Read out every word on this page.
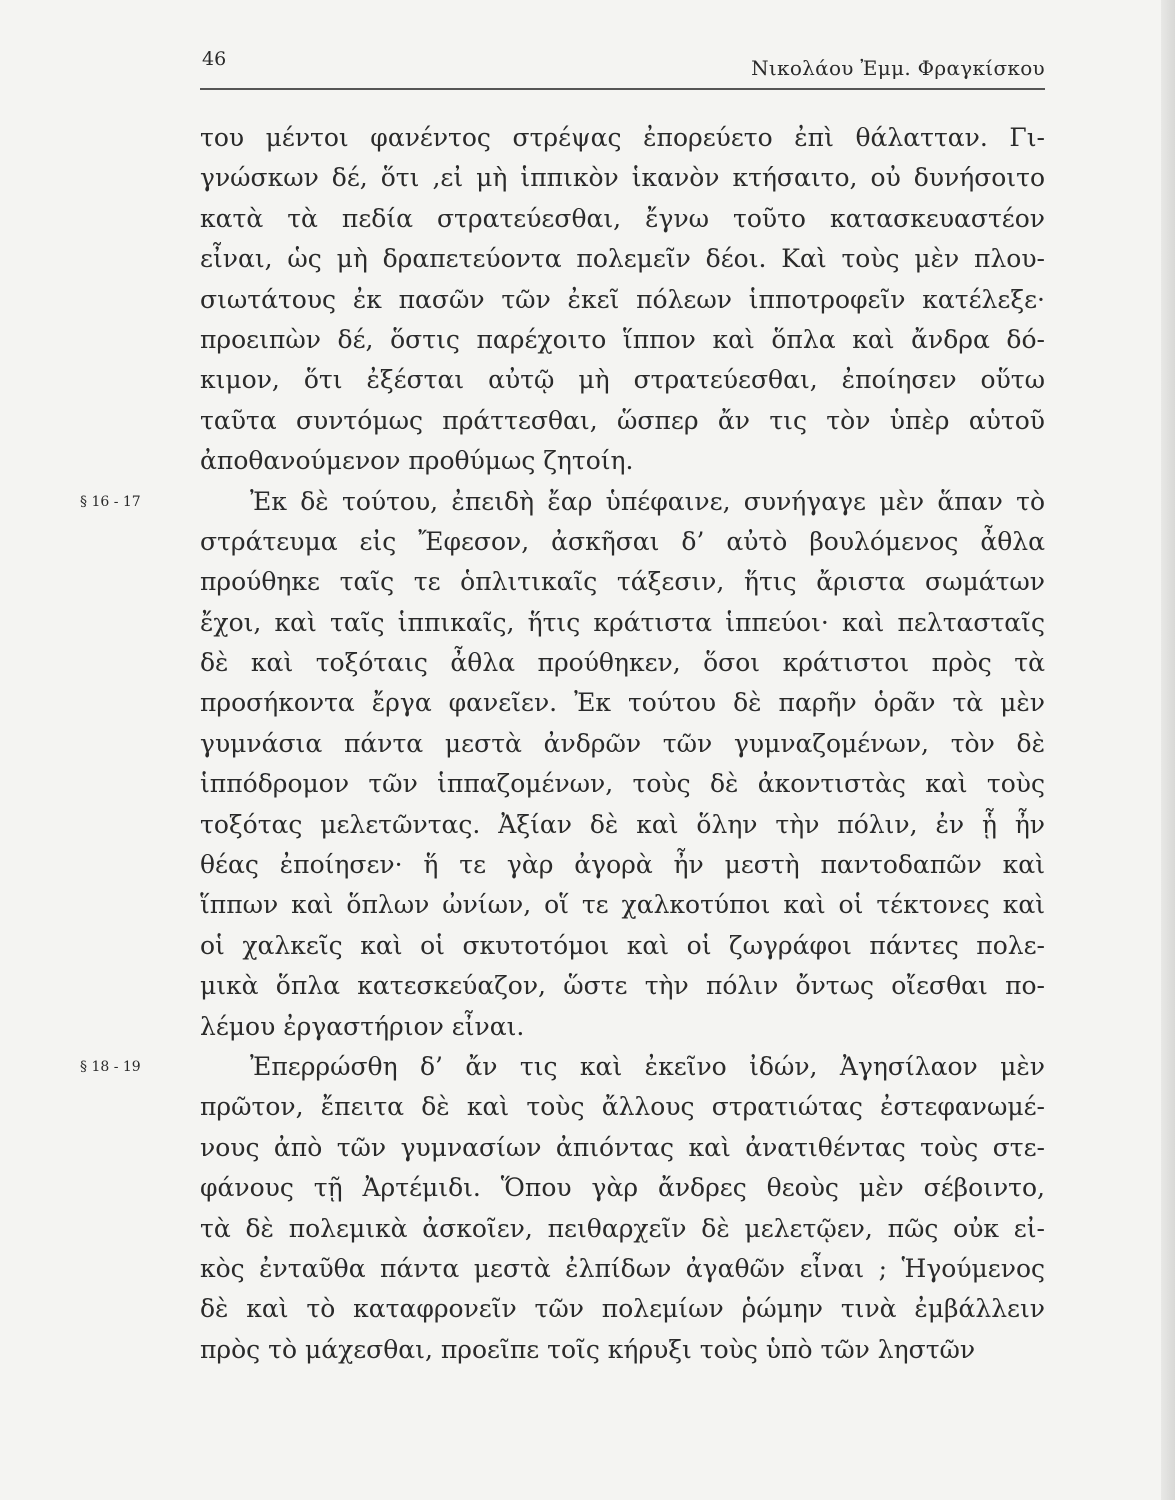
46	Νικολάου Ἐμμ. Φραγκίσκου
του μέντοι φανέντος στρέψας ἐπορεύετο ἐπὶ θάλατταν. Γι-
γνώσκων δέ, ὅτι ,εἰ μὴ ἱππικὸν ἱκανὸν κτήσαιτο, οὐ δυνήσοιτο
κατὰ τὰ πεδία στρατεύεσθαι, ἔγνω τοῦτο κατασκευαστέον
εἶναι, ὡς μὴ δραπετεύοντα πολεμεῖν δέοι. Καὶ τοὺς μὲν πλου-
σιωτάτους ἐκ πασῶν τῶν ἐκεῖ πόλεων ἱπποτροφεῖν κατέλεξε·
προειπὼν δέ, ὅστις παρέχοιτο ἵππον καὶ ὅπλα καὶ ἄνδρα δό-
κιμον, ὅτι ἐξέσται αὐτῷ μὴ στρατεύεσθαι, ἐποίησεν οὕτω
ταῦτα συντόμως πράττεσθαι, ὥσπερ ἄν τις τὸν ὑπὲρ αὑτοῦ
ἀποθανούμενον προθύμως ζητοίη.
Ἐκ δὲ τούτου, ἐπειδὴ ἔαρ ὑπέφαινε, συνήγαγε μὲν ἅπαν τὸ
§ 16 - 17
στράτευμα εἰς Ἔφεσον, ἀσκῆσαι δ’ αὐτὸ βουλόμενος ἆθλα
προύθηκε ταῖς τε ὁπλιτικαῖς τάξεσιν, ἥτις ἄριστα σωμάτων
ἔχοι, καὶ ταῖς ἱππικαῖς, ἥτις κράτιστα ἱππεύοι· καὶ πελτασταῖς
δὲ καὶ τοξόταις ἆθλα προύθηκεν, ὅσοι κράτιστοι πρὸς τὰ
προσήκοντα ἔργα φανεῖεν. Ἐκ τούτου δὲ παρῆν ὁρᾶν τὰ μὲν
γυμνάσια πάντα μεστὰ ἀνδρῶν τῶν γυμναζομένων, τὸν δὲ
ἱππόδρομον τῶν ἱππαζομένων, τοὺς δὲ ἀκοντιστὰς καὶ τοὺς
τοξότας μελετῶντας. Ἀξίαν δὲ καὶ ὅλην τὴν πόλιν, ἐν ᾗ ἦν
θέας ἐποίησεν· ἥ τε γὰρ ἀγορὰ ἦν μεστὴ παντοδαπῶν καὶ
ἵππων καὶ ὅπλων ὠνίων, οἵ τε χαλκοτύποι καὶ οἱ τέκτονες καὶ
οἱ χαλκεῖς καὶ οἱ σκυτοτόμοι καὶ οἱ ζωγράφοι πάντες πολε-
μικὰ ὅπλα κατεσκεύαζον, ὥστε τὴν πόλιν ὄντως οἴεσθαι πο-
λέμου ἐργαστήριον εἶναι.
Ἐπερρώσθη δ’ ἄν τις καὶ ἐκεῖνο ἰδών, Ἀγησίλαον μὲν
§ 18 - 19
πρῶτον, ἔπειτα δὲ καὶ τοὺς ἄλλους στρατιώτας ἐστεφανωμέ-
νους ἀπὸ τῶν γυμνασίων ἀπιόντας καὶ ἀνατιθέντας τοὺς στε-
φάνους τῇ Ἀρτέμιδι. Ὅπου γὰρ ἄνδρες θεοὺς μὲν σέβοιντο,
τὰ δὲ πολεμικὰ ἀσκοῖεν, πειθαρχεῖν δὲ μελετῷεν, πῶς οὐκ εἰ-
κὸς ἐνταῦθα πάντα μεστὰ ἐλπίδων ἀγαθῶν εἶναι ; Ἡγούμενος
δὲ καὶ τὸ καταφρονεῖν τῶν πολεμίων ῥώμην τινὰ ἐμβάλλειν
πρὸς τὸ μάχεσθαι, προεῖπε τοῖς κήρυξι τοὺς ὑπὸ τῶν ληστῶν
